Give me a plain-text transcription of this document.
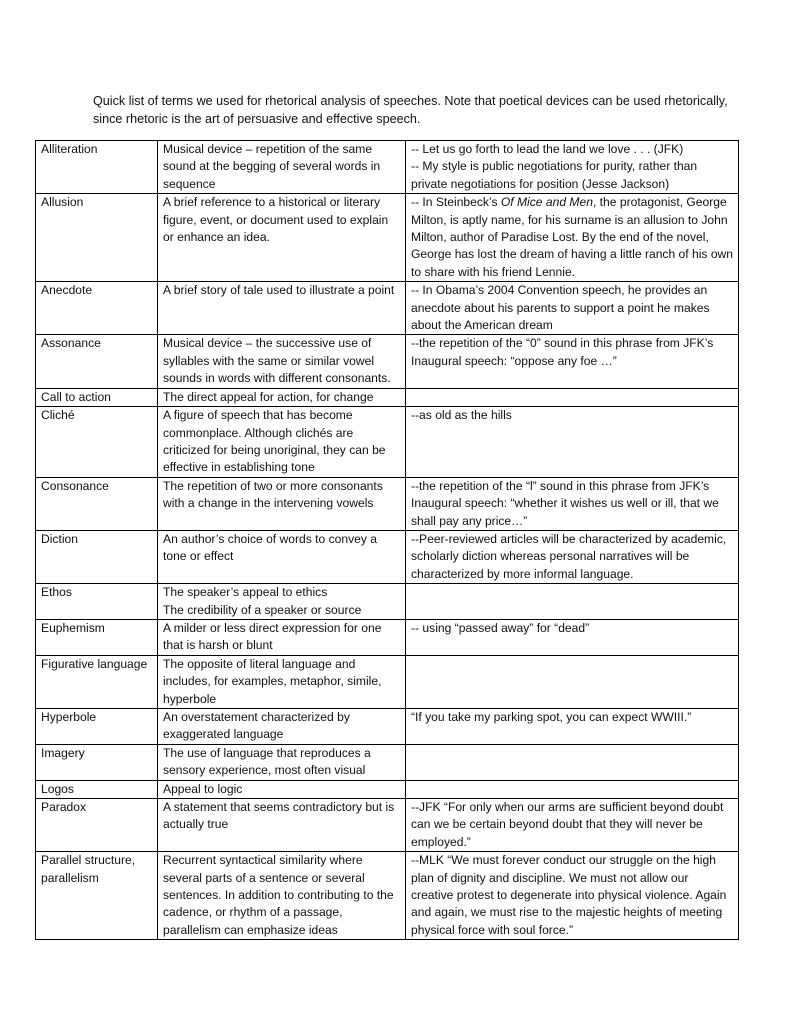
Quick list of terms we used for rhetorical analysis of speeches. Note that poetical devices can be used rhetorically, since rhetoric is the art of persuasive and effective speech.

Alliteration	Musical device – repetition of the same sound at the begging of several words in sequence	-- Let us go forth to lead the land we love . . . (JFK)
-- My style is public negotiations for purity, rather than private negotiations for position (Jesse Jackson)
Allusion	A brief reference to a historical or literary figure, event, or document used to explain or enhance an idea.	-- In Steinbeck’s Of Mice and Men, the protagonist, George Milton, is aptly name, for his surname is an allusion to John Milton, author of Paradise Lost. By the end of the novel, George has lost the dream of having a little ranch of his own to share with his friend Lennie.
Anecdote	A brief story of tale used to illustrate a point	-- In Obama’s 2004 Convention speech, he provides an anecdote about his parents to support a point he makes about the American dream
Assonance	Musical device – the successive use of syllables with the same or similar vowel sounds in words with different consonants.	--the repetition of the “0” sound in this phrase from JFK’s Inaugural speech: “oppose any foe …”
Call to action	The direct appeal for action, for change	
Cliché	A figure of speech that has become commonplace. Although clichés are criticized for being unoriginal, they can be effective in establishing tone	--as old as the hills
Consonance	The repetition of two or more consonants with a change in the intervening vowels	--the repetition of the “l” sound in this phrase from JFK’s Inaugural speech: “whether it wishes us well or ill, that we shall pay any price…”
Diction	An author’s choice of words to convey a tone or effect	--Peer-reviewed articles will be characterized by academic, scholarly diction whereas personal narratives will be characterized by more informal language.
Ethos	The speaker’s appeal to ethics
The credibility of a speaker or source	
Euphemism	A milder or less direct expression for one that is harsh or blunt	-- using “passed away” for “dead”
Figurative language	The opposite of literal language and includes, for examples, metaphor, simile, hyperbole	
Hyperbole	An overstatement characterized by exaggerated language	“If you take my parking spot, you can expect WWIII.”
Imagery	The use of language that reproduces a sensory experience, most often visual	
Logos	Appeal to logic	
Paradox	A statement that seems contradictory but is actually true	--JFK “For only when our arms are sufficient beyond doubt can we be certain beyond doubt that they will never be employed.”
Parallel structure, parallelism	Recurrent syntactical similarity where several parts of a sentence or several sentences. In addition to contributing to the cadence, or rhythm of a passage, parallelism can emphasize ideas	--MLK “We must forever conduct our struggle on the high plan of dignity and discipline. We must not allow our creative protest to degenerate into physical violence. Again and again, we must rise to the majestic heights of meeting physical force with soul force.”
